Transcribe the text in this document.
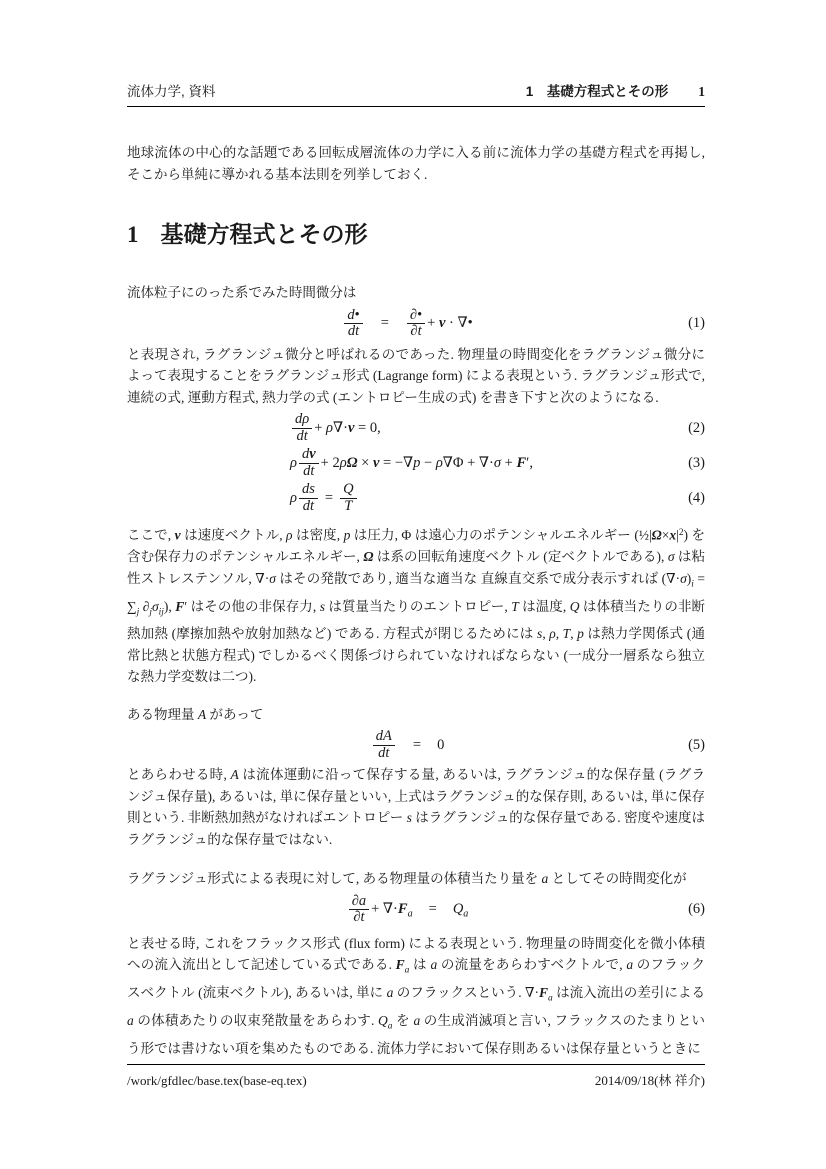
流体力学, 資料	1　基礎方程式とその形 1

地球流体の中心的な話題である回転成層流体の力学に入る前に流体力学の基礎方程式を再掲し, そこから単純に導かれる基本法則を列挙しておく.

1 基礎方程式とその形

流体粒子にのった系でみた時間微分は

$\frac{d•}{dt} = \frac{\partial•}{\partial t} + v$ · ∇•	(1)

と表現され, ラグランジュ微分と呼ばれるのであった. 物理量の時間変化をラグランジュ微分によって表現することをラグランジュ形式 (Lagrange form) による表現という. ラグランジュ形式で, 連続の式, 運動方程式, 熱力学の式 (エントロピー生成の式) を書き下すと次のようになる.

$\frac{d\rho}{dt} + \rho\nabla\cdot v = 0$,	(2)
ρ $\frac{dv}{dt} + 2\rho\Omega \times v = -\nabla p - \rho\nabla\Phi + \nabla\cdot\sigma + F'$,	(3)
ρ $\frac{ds}{dt} = \frac{Q}{T}$	(4)

ここで, v は速度ベクトル, ρ は密度, p は圧力, Φ は遠心力のポテンシャルエネルギー $(\frac{1}{2}|\Omega\times x|^2)$ を含む保存力のポテンシャルエネルギー, Ω は系の回転角速度ベクトル (定ベクトルである), σ は粘性ストレステンソル, ∇·σ はその発散であり, 適当な適当な 直線直交系で成分表示すれば $(\nabla\cdot\sigma)_i = \sum_j$ $\partial_j\sigma_{ij}$), F′ はその他の非保存力, s は質量当たりのエントロピー, T は温度, Q は体積当たりの非断熱加熱 (摩擦加熱や放射加熱など) である. 方程式が閉じるためには s, ρ, T, p は熱力学関係式 (通常比熱と状態方程式) でしかるべく関係づけられていなければならない (一成分一層系なら独立な熱力学変数は二つ).

ある物理量 A があって

$\frac{dA}{dt} = 0$	(5)

とあらわせる時, A は流体運動に沿って保存する量, あるいは, ラグランジュ的な保存量 (ラグランジュ保存量), あるいは, 単に保存量といい, 上式はラグランジュ的な保存則, あるいは, 単に保存則という. 非断熱加熱がなければエントロピー s はラグランジュ的な保存量である. 密度や速度はラグランジュ的な保存量ではない.

ラグランジュ形式による表現に対して, ある物理量の体積当たり量を a としてその時間変化が

$\frac{\partial a}{\partial t} + \nabla\cdot F_a = Q_a$	(6)

と表せる時, これをフラックス形式 (flux form) による表現という. 物理量の時間変化を微小体積への流入流出として記述している式である. $F_a$ は a の流量をあらわすベクトルで, a のフラックスベクトル (流束ベクトル), あるいは, 単に a のフラックスという. $\nabla\cdot F_a$ は流入流出の差引による a の体積あたりの収束発散量をあらわす. $Q_a$ を a の生成消滅項と言い, フラックスのたまりという形では書けない項を集めたものである. 流体力学において保存則あるいは保存量というときに

/work/gfdlec/base.tex(base-eq.tex)	2014/09/18(林 祥介)
